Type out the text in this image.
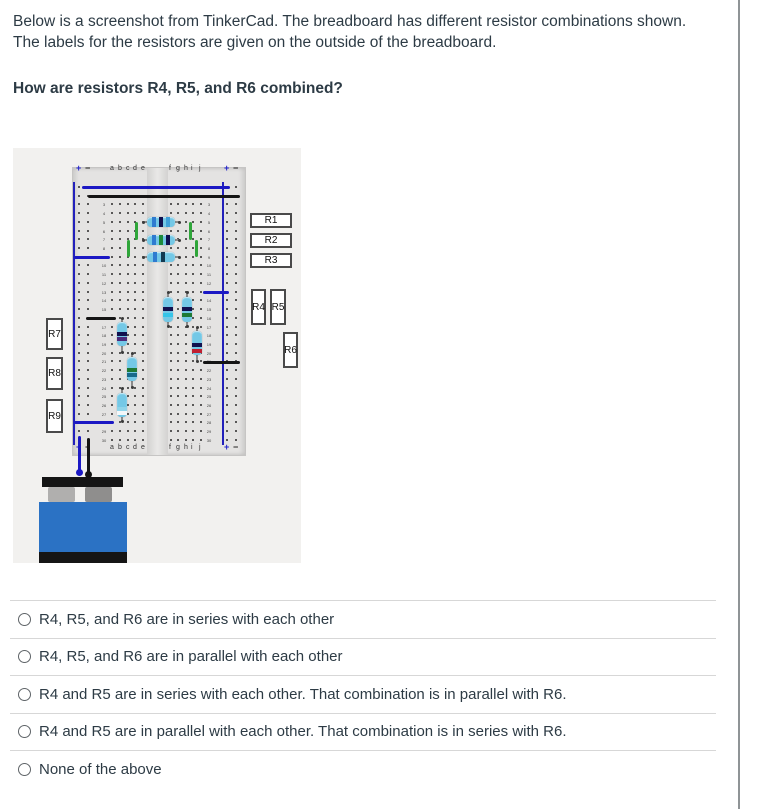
Below is a screenshot from TinkerCad. The breadboard has different resistor combinations shown.
The labels for the resistors are given on the outside of the breadboard.
How are resistors R4, R5, and R6 combined?
3	3
4	4
5	5
6	6
7	7
8	8
9
10	10
11	11
12	12
13
14	14
15	15
16
17	17
18	18
19	19
20	20
21
22	22
23	23
24	24
25	25
26	26
27	27
28
29	29
30	30
a b c d e	f g h i j
+ −	+ −
a b c d e	f g h i j	+ −
R1
R2
R3
R4 R5
R6
R7
R8
R9
R4, R5, and R6 are in series with each other
R4, R5, and R6 are in parallel with each other
R4 and R5 are in series with each other. That combination is in parallel with R6.
R4 and R5 are in parallel with each other. That combination is in series with R6.
None of the above
